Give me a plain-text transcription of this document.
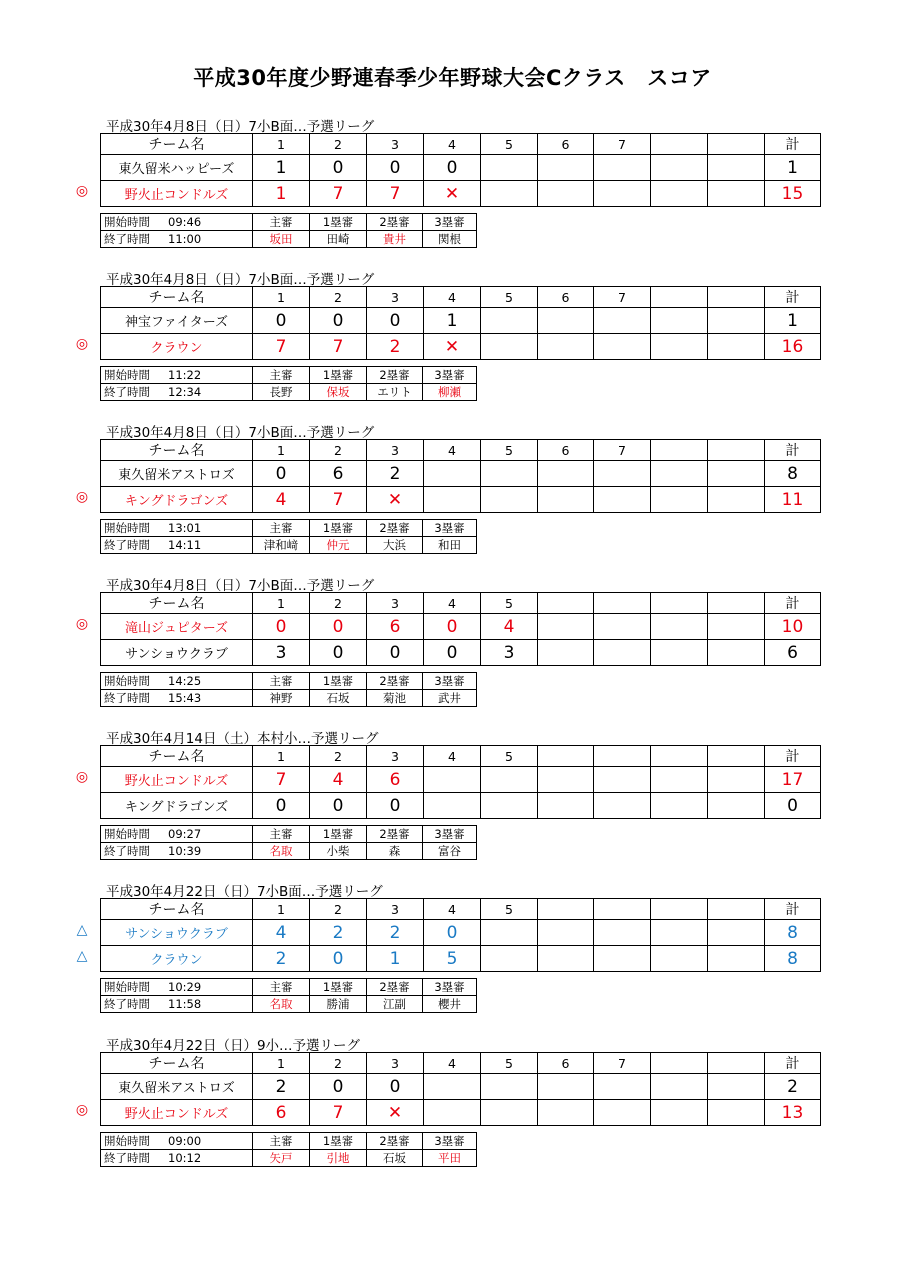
平成30年度少野連春季少年野球大会Cクラス　スコア
平成30年4月8日（日）7小B面…予選リーグ
チーム名	1	2	3	4	5	6	7			計
東久留米ハッピーズ	1	0	0	0						1
野火止コンドルズ	1	7	7	✕						15
◎
開始時間 09:46	主審	1塁審	2塁審	3塁審
終了時間 11:00	坂田	田崎	貴井	関根
平成30年4月8日（日）7小B面…予選リーグ
チーム名	1	2	3	4	5	6	7			計
神宝ファイターズ	0	0	0	1						1
クラウン	7	7	2	✕						16
◎
開始時間 11:22	主審	1塁審	2塁審	3塁審
終了時間 12:34	長野	保坂	エリト	柳瀬
平成30年4月8日（日）7小B面…予選リーグ
チーム名	1	2	3	4	5	6	7			計
東久留米アストロズ	0	6	2							8
キングドラゴンズ	4	7	✕							11
◎
開始時間 13:01	主審	1塁審	2塁審	3塁審
終了時間 14:11	津和﨑	仲元	大浜	和田
平成30年4月8日（日）7小B面…予選リーグ
チーム名	1	2	3	4	5					計
滝山ジュピターズ	0	0	6	0	4					10
サンショウクラブ	3	0	0	0	3					6
◎
開始時間 14:25	主審	1塁審	2塁審	3塁審
終了時間 15:43	神野	石坂	菊池	武井
平成30年4月14日（土）本村小…予選リーグ
チーム名	1	2	3	4	5					計
野火止コンドルズ	7	4	6							17
キングドラゴンズ	0	0	0							0
◎
開始時間 09:27	主審	1塁審	2塁審	3塁審
終了時間 10:39	名取	小柴	森	富谷
平成30年4月22日（日）7小B面…予選リーグ
チーム名	1	2	3	4	5					計
サンショウクラブ	4	2	2	0						8
クラウン	2	0	1	5						8
△
△
開始時間 10:29	主審	1塁審	2塁審	3塁審
終了時間 11:58	名取	勝浦	江副	櫻井
平成30年4月22日（日）9小…予選リーグ
チーム名	1	2	3	4	5	6	7			計
東久留米アストロズ	2	0	0							2
野火止コンドルズ	6	7	✕							13
◎
開始時間 09:00	主審	1塁審	2塁審	3塁審
終了時間 10:12	矢戸	引地	石坂	平田
